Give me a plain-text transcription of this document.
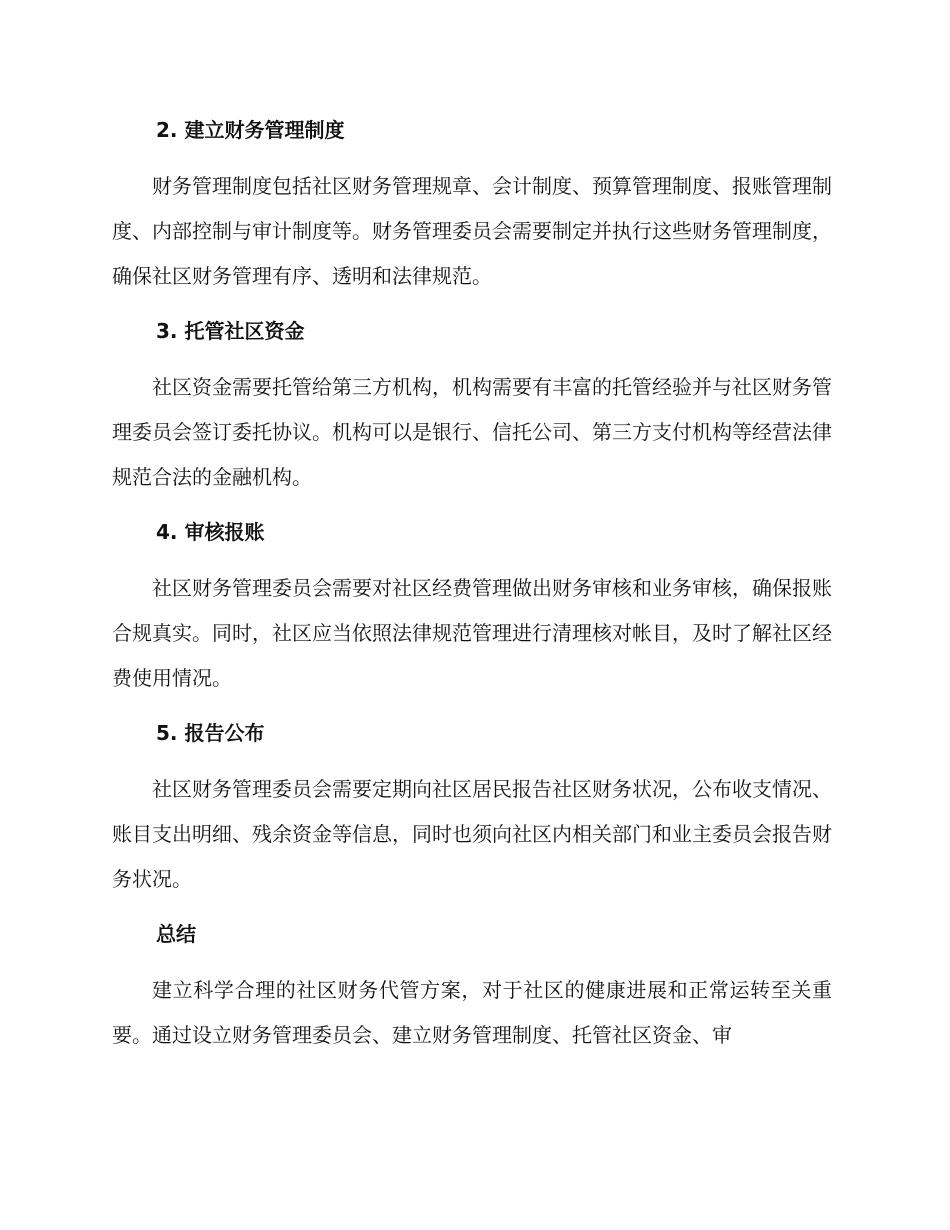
2. 建立财务管理制度

财务管理制度包括社区财务管理规章、会计制度、预算管理制度、报账管理制度、内部控制与审计制度等。财务管理委员会需要制定并执行这些财务管理制度，确保社区财务管理有序、透明和法律规范。

3. 托管社区资金

社区资金需要托管给第三方机构，机构需要有丰富的托管经验并与社区财务管理委员会签订委托协议。机构可以是银行、信托公司、第三方支付机构等经营法律规范合法的金融机构。

4. 审核报账

社区财务管理委员会需要对社区经费管理做出财务审核和业务审核，确保报账合规真实。同时，社区应当依照法律规范管理进行清理核对帐目，及时了解社区经费使用情况。

5. 报告公布

社区财务管理委员会需要定期向社区居民报告社区财务状况，公布收支情况、账目支出明细、残余资金等信息，同时也须向社区内相关部门和业主委员会报告财务状况。

总结

建立科学合理的社区财务代管方案，对于社区的健康进展和正常运转至关重要。通过设立财务管理委员会、建立财务管理制度、托管社区资金、审
